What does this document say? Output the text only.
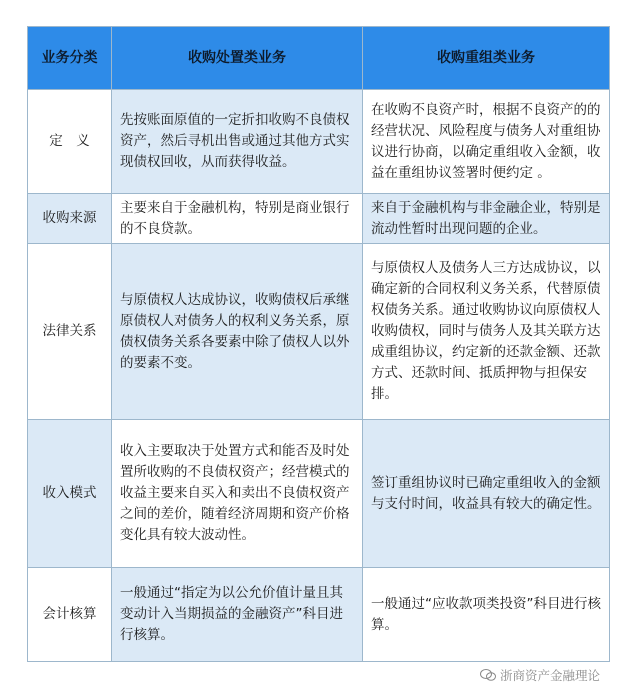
业务分类	收购处置类业务	收购重组类业务
定　义
先按账面原值的一定折扣收购不良债权资产，然后寻机出售或通过其他方式实现债权回收，从而获得收益。
在收购不良资产时，根据不良资产的的经营状况、风险程度与债务人对重组协议进行协商，以确定重组收入金额，收益在重组协议签署时便约定 。
收购来源
主要来自于金融机构，特别是商业银行的不良贷款。
来自于金融机构与非金融企业，特别是流动性暂时出现问题的企业。
法律关系
与原债权人达成协议，收购债权后承继原债权人对债务人的权利义务关系，原债权债务关系各要素中除了债权人以外的要素不变。
与原债权人及债务人三方达成协议，以确定新的合同权利义务关系，代替原债权债务关系。通过收购协议向原债权人收购债权，同时与债务人及其关联方达成重组协议，约定新的还款金额、还款方式、还款时间、抵质押物与担保安排。
收入模式
收入主要取决于处置方式和能否及时处置所收购的不良债权资产；经营模式的收益主要来自买入和卖出不良债权资产之间的差价，随着经济周期和资产价格变化具有较大波动性。
签订重组协议时已确定重组收入的金额与支付时间，收益具有较大的确定性。
会计核算
一般通过“指定为以公允价值计量且其变动计入当期损益的金融资产”科目进行核算。
一般通过“应收款项类投资”科目进行核算。
浙商资产金融理论
